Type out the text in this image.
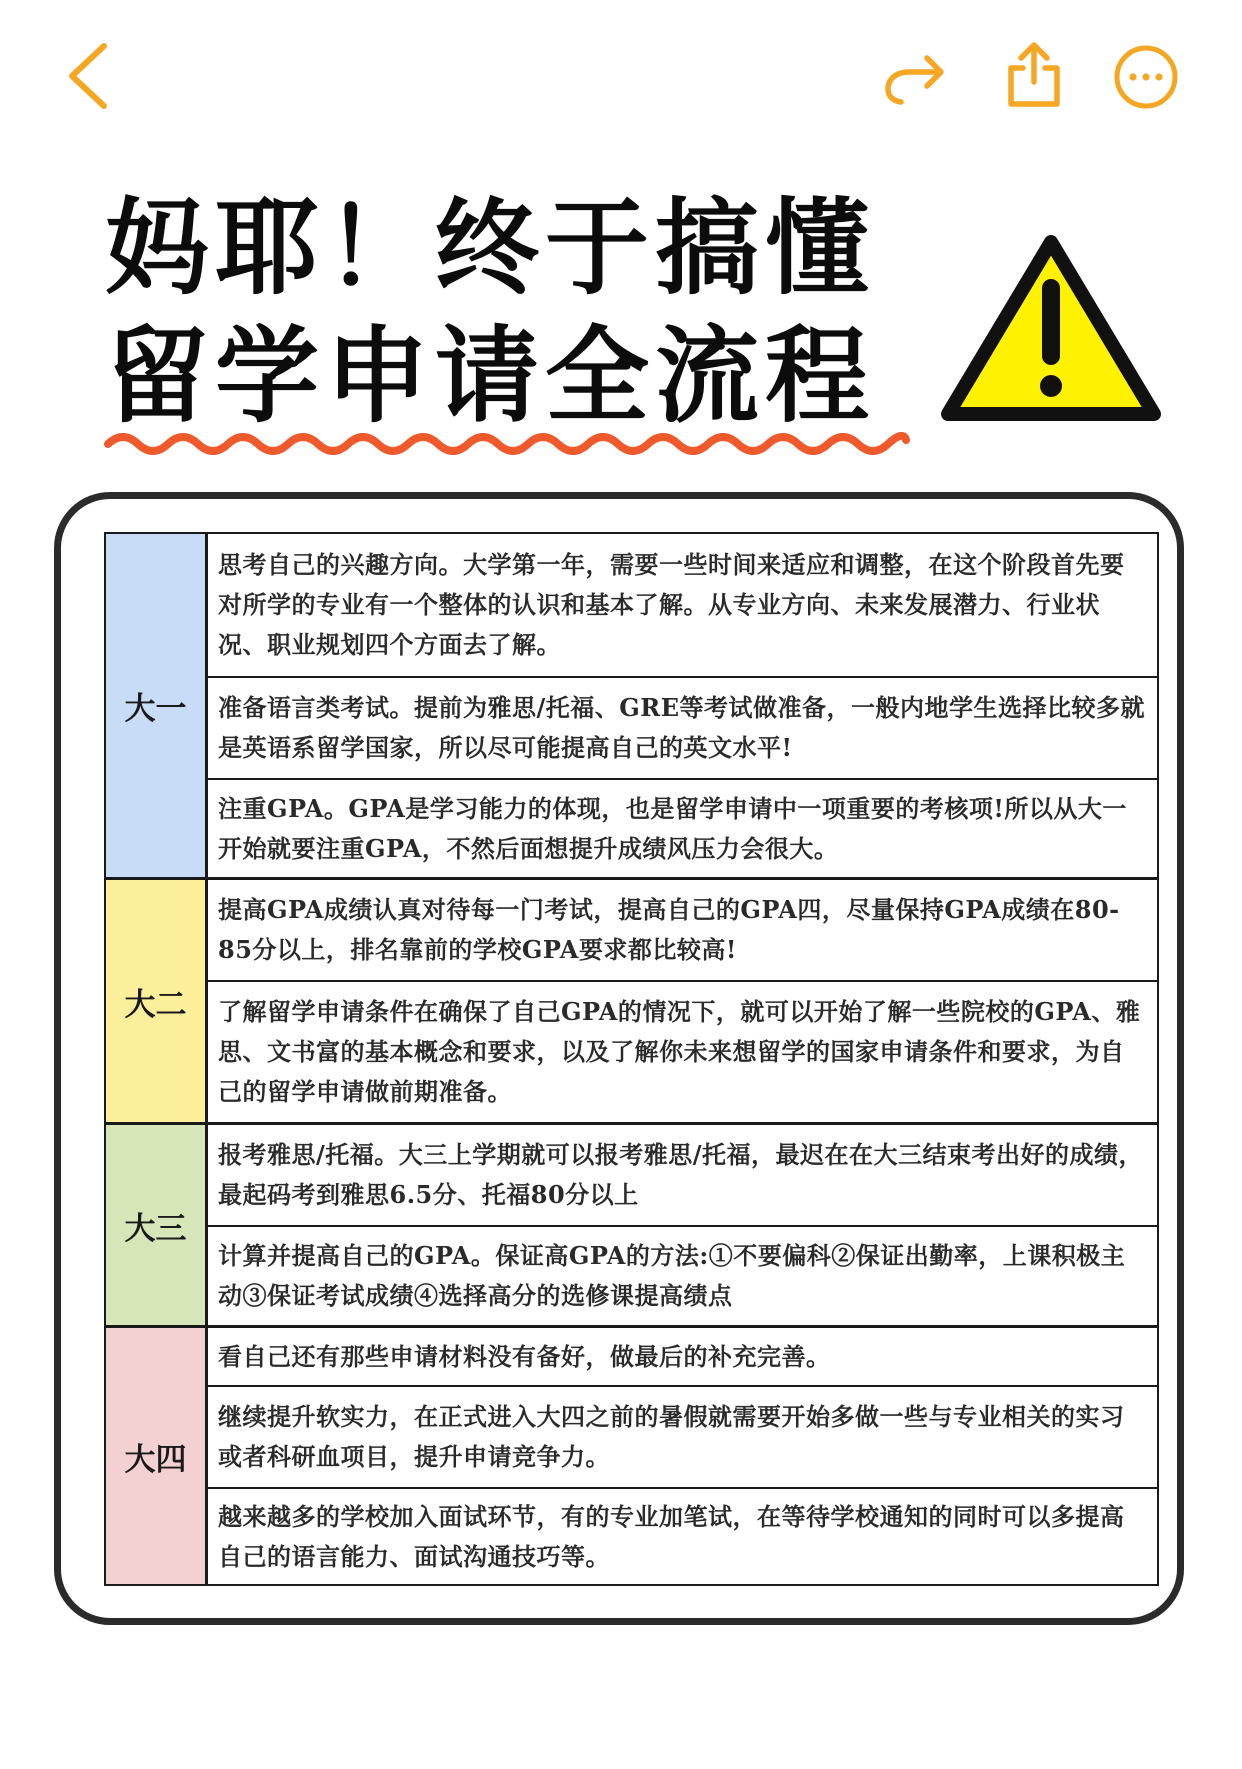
妈耶！终于搞懂
留学申请全流程
大一
思考自己的兴趣方向。大学第一年，需要一些时间来适应和调整，在这个阶段首先要对所学的专业有一个整体的认识和基本了解。从专业方向、未来发展潜力、行业状况、职业规划四个方面去了解。
准备语言类考试。提前为雅思/托福、GRE等考试做准备，一般内地学生选择比较多就是英语系留学国家，所以尽可能提高自己的英文水平!
注重GPA。GPA是学习能力的体现，也是留学申请中一项重要的考核项!所以从大一开始就要注重GPA，不然后面想提升成绩风压力会很大。
大二
提高GPA成绩认真对待每一门考试，提高自己的GPA四，尽量保持GPA成绩在80-85分以上，排名靠前的学校GPA要求都比较高!
了解留学申请条件在确保了自己GPA的情况下，就可以开始了解一些院校的GPA、雅思、文书富的基本概念和要求，以及了解你未来想留学的国家申请条件和要求，为自己的留学申请做前期准备。
大三
报考雅思/托福。大三上学期就可以报考雅思/托福，最迟在在大三结束考出好的成绩，最起码考到雅思6.5分、托福80分以上
计算并提高自己的GPA。保证高GPA的方法:①不要偏科②保证出勤率，上课积极主动③保证考试成绩④选择高分的选修课提高绩点
大四
看自己还有那些申请材料没有备好，做最后的补充完善。
继续提升软实力，在正式进入大四之前的暑假就需要开始多做一些与专业相关的实习或者科研血项目，提升申请竞争力。
越来越多的学校加入面试环节，有的专业加笔试，在等待学校通知的同时可以多提高自己的语言能力、面试沟通技巧等。
